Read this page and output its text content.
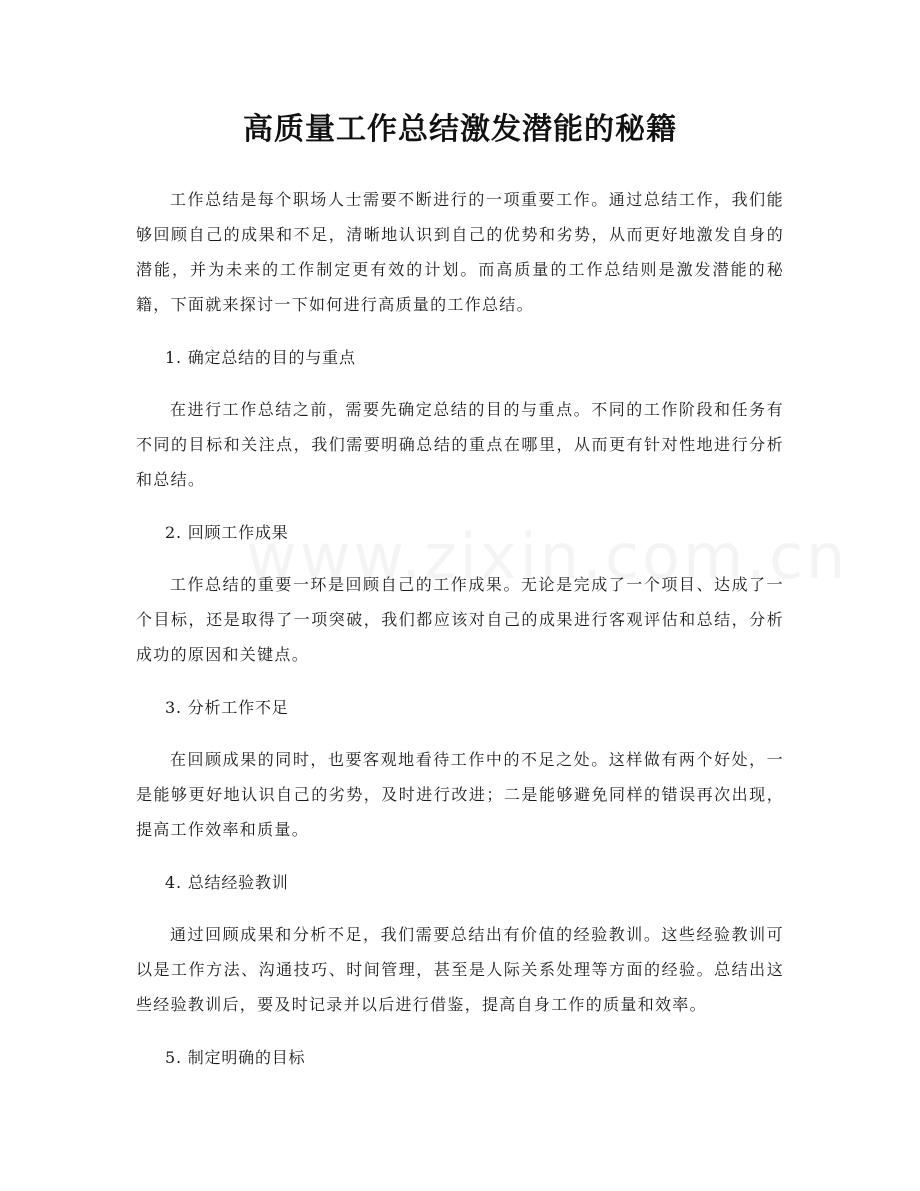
高质量工作总结激发潜能的秘籍

工作总结是每个职场人士需要不断进行的一项重要工作。通过总结工作，我们能够回顾自己的成果和不足，清晰地认识到自己的优势和劣势，从而更好地激发自身的潜能，并为未来的工作制定更有效的计划。而高质量的工作总结则是激发潜能的秘籍，下面就来探讨一下如何进行高质量的工作总结。

1. 确定总结的目的与重点

在进行工作总结之前，需要先确定总结的目的与重点。不同的工作阶段和任务有不同的目标和关注点，我们需要明确总结的重点在哪里，从而更有针对性地进行分析和总结。

2. 回顾工作成果

工作总结的重要一环是回顾自己的工作成果。无论是完成了一个项目、达成了一个目标，还是取得了一项突破，我们都应该对自己的成果进行客观评估和总结，分析成功的原因和关键点。

3. 分析工作不足

在回顾成果的同时，也要客观地看待工作中的不足之处。这样做有两个好处，一是能够更好地认识自己的劣势，及时进行改进；二是能够避免同样的错误再次出现，提高工作效率和质量。

4. 总结经验教训

通过回顾成果和分析不足，我们需要总结出有价值的经验教训。这些经验教训可以是工作方法、沟通技巧、时间管理，甚至是人际关系处理等方面的经验。总结出这些经验教训后，要及时记录并以后进行借鉴，提高自身工作的质量和效率。

5. 制定明确的目标
